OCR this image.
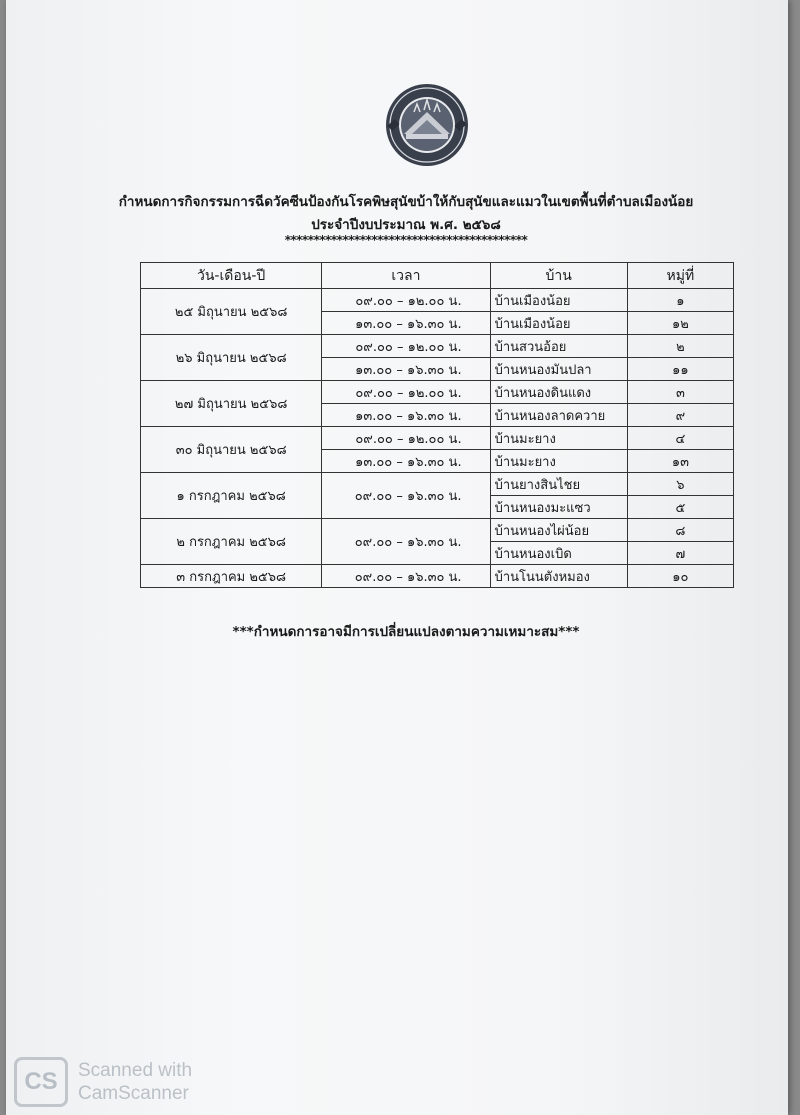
กำหนดการกิจกรรมการฉีดวัคซีนป้องกันโรคพิษสุนัขบ้าให้กับสุนัขและแมวในเขตพื้นที่ตำบลเมืองน้อย
ประจำปีงบประมาณ พ.ศ. ๒๕๖๘
******************************************
วัน-เดือน-ปี	เวลา	บ้าน	หมู่ที่
๒๕ มิถุนายน ๒๕๖๘	๐๙.๐๐ – ๑๒.๐๐ น.	บ้านเมืองน้อย	๑
	๑๓.๐๐ – ๑๖.๓๐ น.	บ้านเมืองน้อย	๑๒
๒๖ มิถุนายน ๒๕๖๘	๐๙.๐๐ – ๑๒.๐๐ น.	บ้านสวนอ้อย	๒
	๑๓.๐๐ – ๑๖.๓๐ น.	บ้านหนองมันปลา	๑๑
๒๗ มิถุนายน ๒๕๖๘	๐๙.๐๐ – ๑๒.๐๐ น.	บ้านหนองดินแดง	๓
	๑๓.๐๐ – ๑๖.๓๐ น.	บ้านหนองลาดควาย	๙
๓๐ มิถุนายน ๒๕๖๘	๐๙.๐๐ – ๑๒.๐๐ น.	บ้านมะยาง	๔
	๑๓.๐๐ – ๑๖.๓๐ น.	บ้านมะยาง	๑๓
๑ กรกฎาคม ๒๕๖๘	๐๙.๐๐ – ๑๖.๓๐ น.	บ้านยางสินไชย	๖
		บ้านหนองมะแซว	๕
๒ กรกฎาคม ๒๕๖๘	๐๙.๐๐ – ๑๖.๓๐ น.	บ้านหนองไผ่น้อย	๘
		บ้านหนองเบิด	๗
๓ กรกฎาคม ๒๕๖๘	๐๙.๐๐ – ๑๖.๓๐ น.	บ้านโนนตังหมอง	๑๐
***กำหนดการอาจมีการเปลี่ยนแปลงตามความเหมาะสม***
CS	Scanned with
CamScanner
